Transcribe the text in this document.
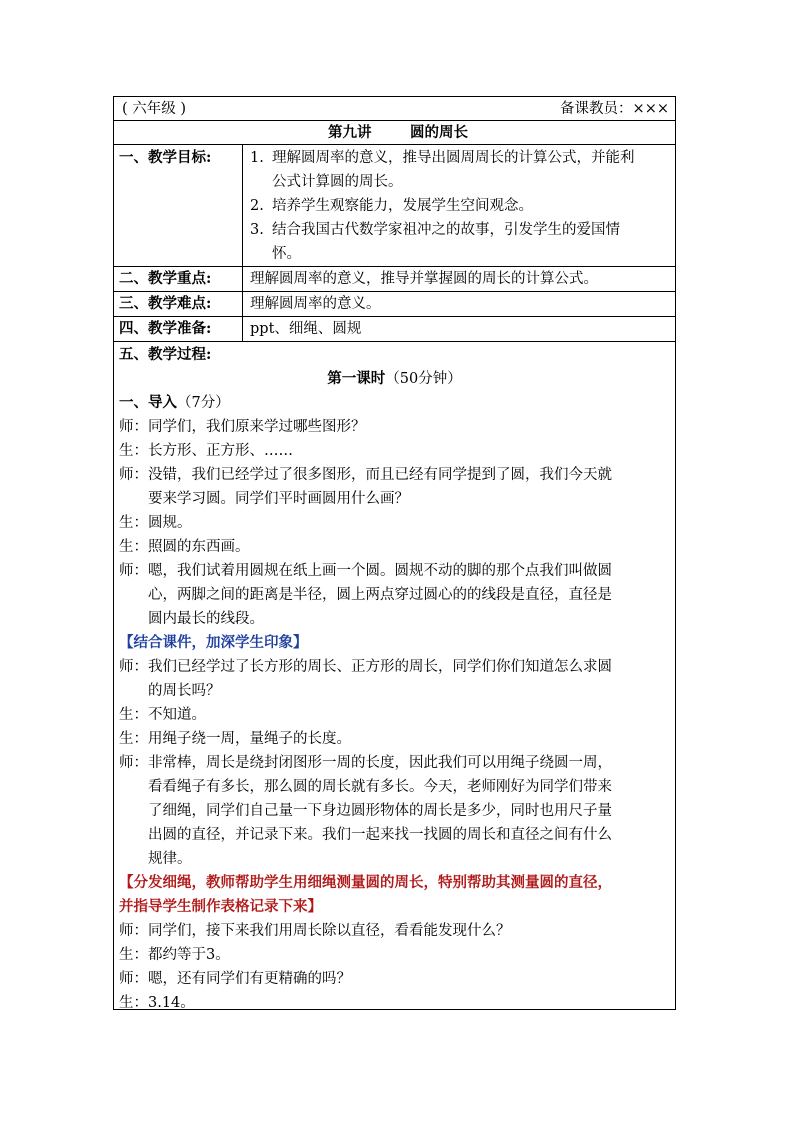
( 六年级 )	备课教员：×××
第九讲	圆的周长
一、教学目标:	1. 理解圆周率的意义，推导出圆周周长的计算公式，并能利
公式计算圆的周长。
2. 培养学生观察能力，发展学生空间观念。
3. 结合我国古代数学家祖冲之的故事，引发学生的爱国情
怀。
二、教学重点:	理解圆周率的意义，推导并掌握圆的周长的计算公式。
三、教学难点:	理解圆周率的意义。
四、教学准备:	ppt、细绳、圆规
五、教学过程:
第一课时（50分钟）
一、导入（7分）
师：同学们，我们原来学过哪些图形？
生：长方形、正方形、……
师：没错，我们已经学过了很多图形，而且已经有同学提到了圆，我们今天就
　　要来学习圆。同学们平时画圆用什么画？
生：圆规。
生：照圆的东西画。
师：嗯，我们试着用圆规在纸上画一个圆。圆规不动的脚的那个点我们叫做圆
　　心，两脚之间的距离是半径，圆上两点穿过圆心的的线段是直径，直径是
　　圆内最长的线段。
【结合课件，加深学生印象】
师：我们已经学过了长方形的周长、正方形的周长，同学们你们知道怎么求圆
　　的周长吗？
生：不知道。
生：用绳子绕一周，量绳子的长度。
师：非常棒，周长是绕封闭图形一周的长度，因此我们可以用绳子绕圆一周，
　　看看绳子有多长，那么圆的周长就有多长。今天，老师刚好为同学们带来
　　了细绳，同学们自己量一下身边圆形物体的周长是多少，同时也用尺子量
　　出圆的直径，并记录下来。我们一起来找一找圆的周长和直径之间有什么
　　规律。
【分发细绳，教师帮助学生用细绳测量圆的周长，特别帮助其测量圆的直径，
并指导学生制作表格记录下来】
师：同学们，接下来我们用周长除以直径，看看能发现什么？
生：都约等于3。
师：嗯，还有同学们有更精确的吗？
生：3.14。
